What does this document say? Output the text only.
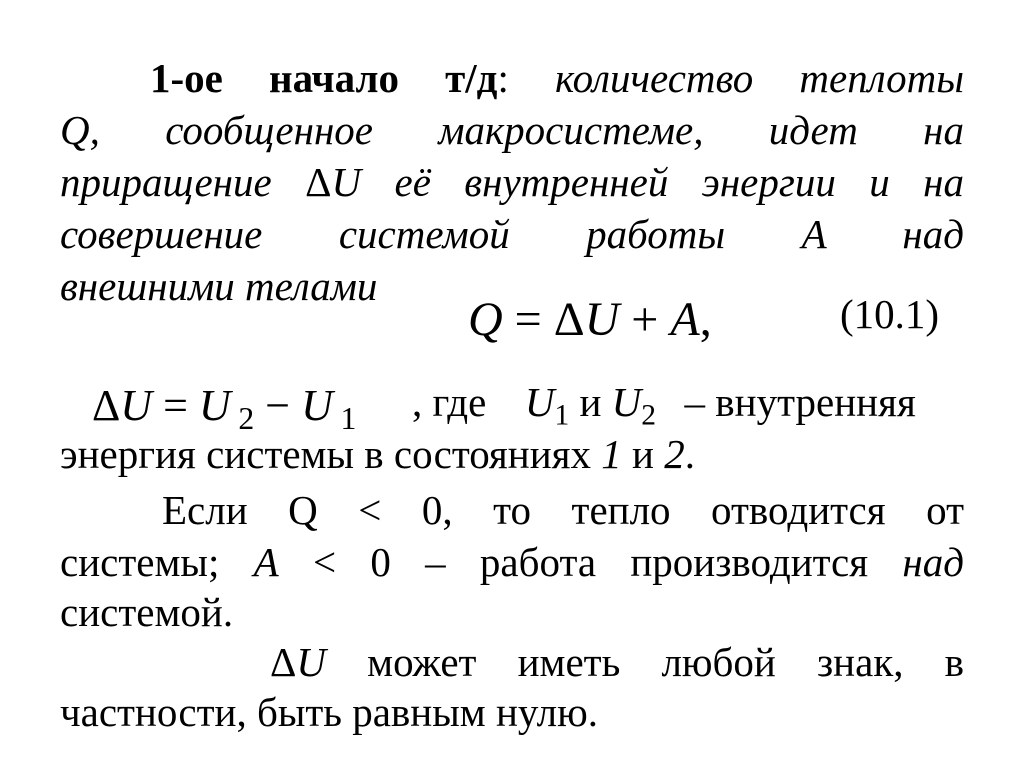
1-ое начало т/д: количество теплоты
Q, сообщенное макросистеме, идет на
приращение ΔU её внутренней энергии и на
совершение системой работы A над
внешними телами
Q = ΔU + A,	(10.1)
ΔU = U $_2$ − U $_1$ , где $U_1$ и $U_2$ – внутренняя
энергия системы в состояниях 1 и 2.
Если Q < 0, то тепло отводится от
системы; A < 0 – работа производится над
системой.
ΔU может иметь любой знак, в
частности, быть равным нулю.
